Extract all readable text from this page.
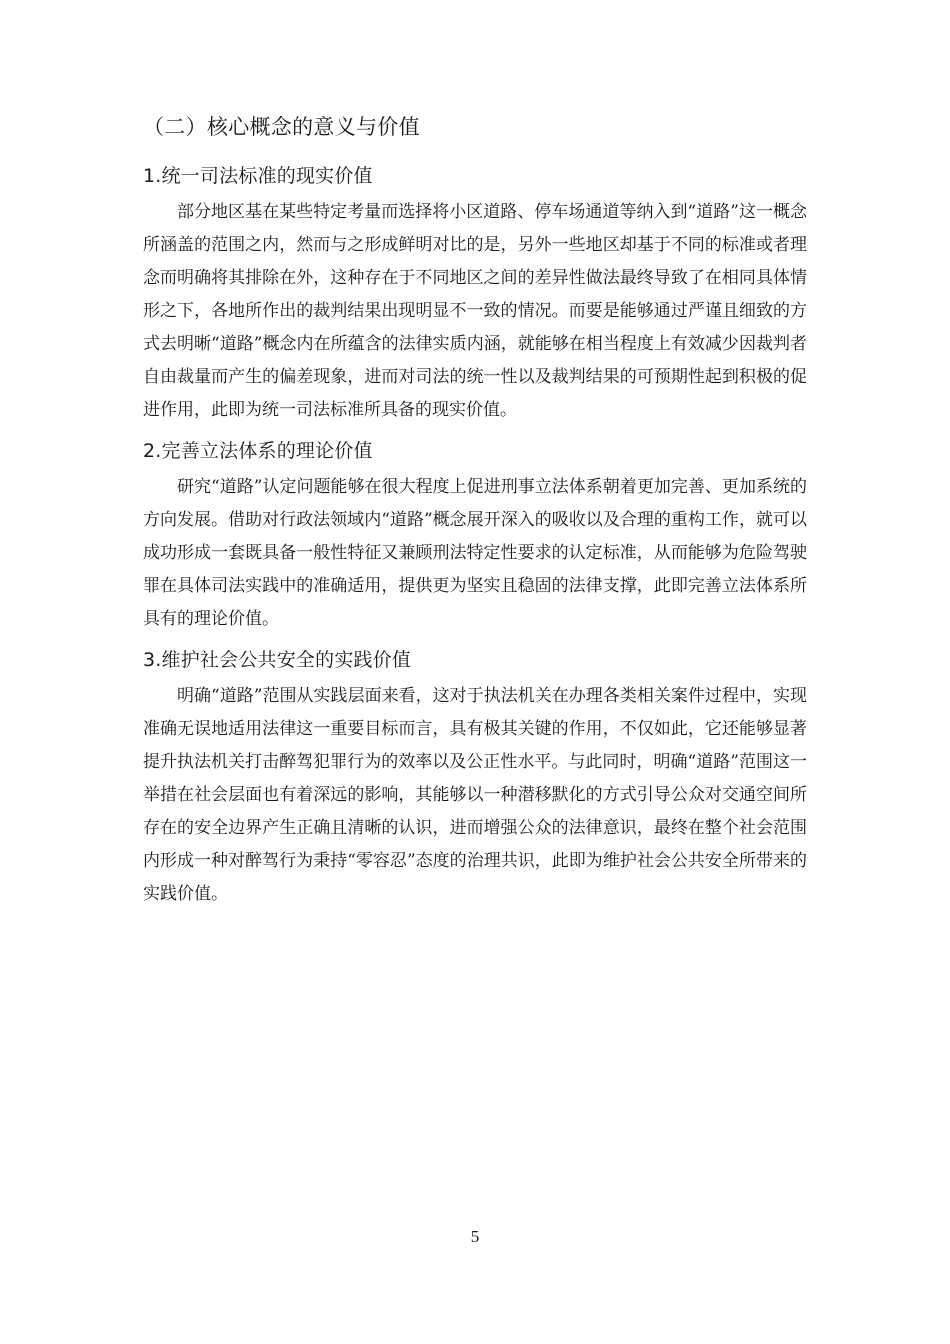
（二）核心概念的意义与价值
1.统一司法标准的现实价值

部分地区基在某些特定考量而选择将小区道路、停车场通道等纳入到“道路”这一概念所涵盖的范围之内，然而与之形成鲜明对比的是，另外一些地区却基于不同的标准或者理念而明确将其排除在外，这种存在于不同地区之间的差异性做法最终导致了在相同具体情形之下，各地所作出的裁判结果出现明显不一致的情况。而要是能够通过严谨且细致的方式去明晰“道路”概念内在所蕴含的法律实质内涵，就能够在相当程度上有效减少因裁判者自由裁量而产生的偏差现象，进而对司法的统一性以及裁判结果的可预期性起到积极的促进作用，此即为统一司法标准所具备的现实价值。

2.完善立法体系的理论价值

研究“道路”认定问题能够在很大程度上促进刑事立法体系朝着更加完善、更加系统的方向发展。借助对行政法领域内“道路”概念展开深入的吸收以及合理的重构工作，就可以成功形成一套既具备一般性特征又兼顾刑法特定性要求的认定标准，从而能够为危险驾驶罪在具体司法实践中的准确适用，提供更为坚实且稳固的法律支撑，此即完善立法体系所具有的理论价值。

3.维护社会公共安全的实践价值

明确“道路”范围从实践层面来看，这对于执法机关在办理各类相关案件过程中，实现准确无误地适用法律这一重要目标而言，具有极其关键的作用，不仅如此，它还能够显著提升执法机关打击醉驾犯罪行为的效率以及公正性水平。与此同时，明确“道路”范围这一举措在社会层面也有着深远的影响，其能够以一种潜移默化的方式引导公众对交通空间所存在的安全边界产生正确且清晰的认识，进而增强公众的法律意识，最终在整个社会范围内形成一种对醉驾行为秉持“零容忍”态度的治理共识，此即为维护社会公共安全所带来的实践价值。

5
